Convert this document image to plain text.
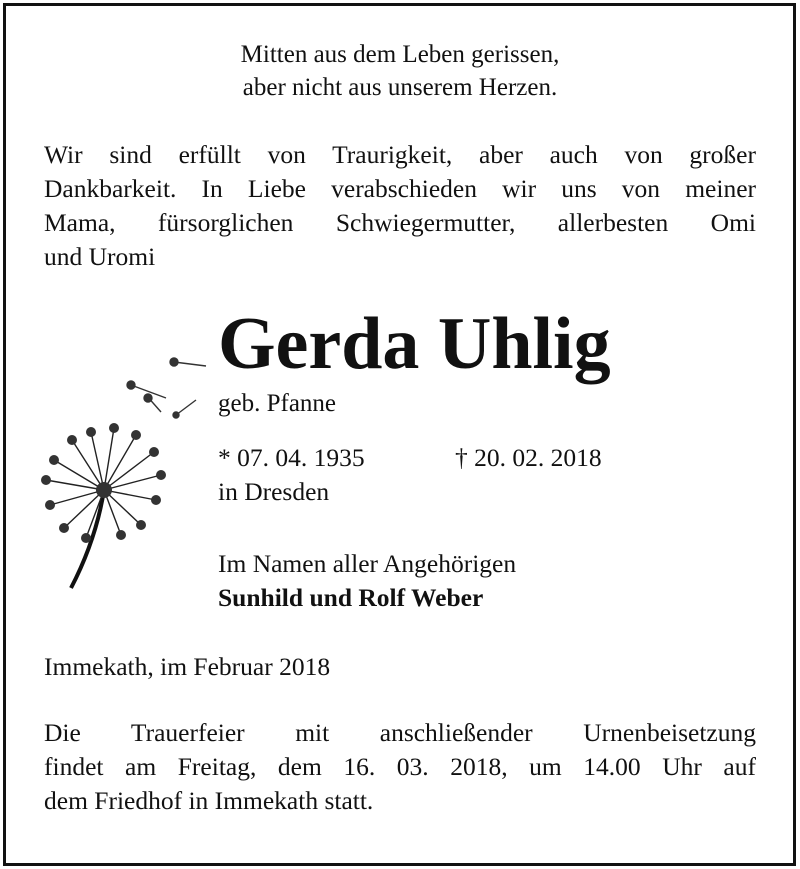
Mitten aus dem Leben gerissen,
aber nicht aus unserem Herzen.
Wir sind erfüllt von Traurigkeit, aber auch von großer
Dankbarkeit. In Liebe verabschieden wir uns von meiner
Mama, fürsorglichen Schwiegermutter, allerbesten Omi
und Uromi
Gerda Uhlig
geb. Pfanne
* 07. 04. 1935	† 20. 02. 2018
in Dresden
Im Namen aller Angehörigen
Sunhild und Rolf Weber
Immekath, im Februar 2018
Die Trauerfeier mit anschließender Urnenbeisetzung
findet am Freitag, dem 16. 03. 2018, um 14.00 Uhr auf
dem Friedhof in Immekath statt.
